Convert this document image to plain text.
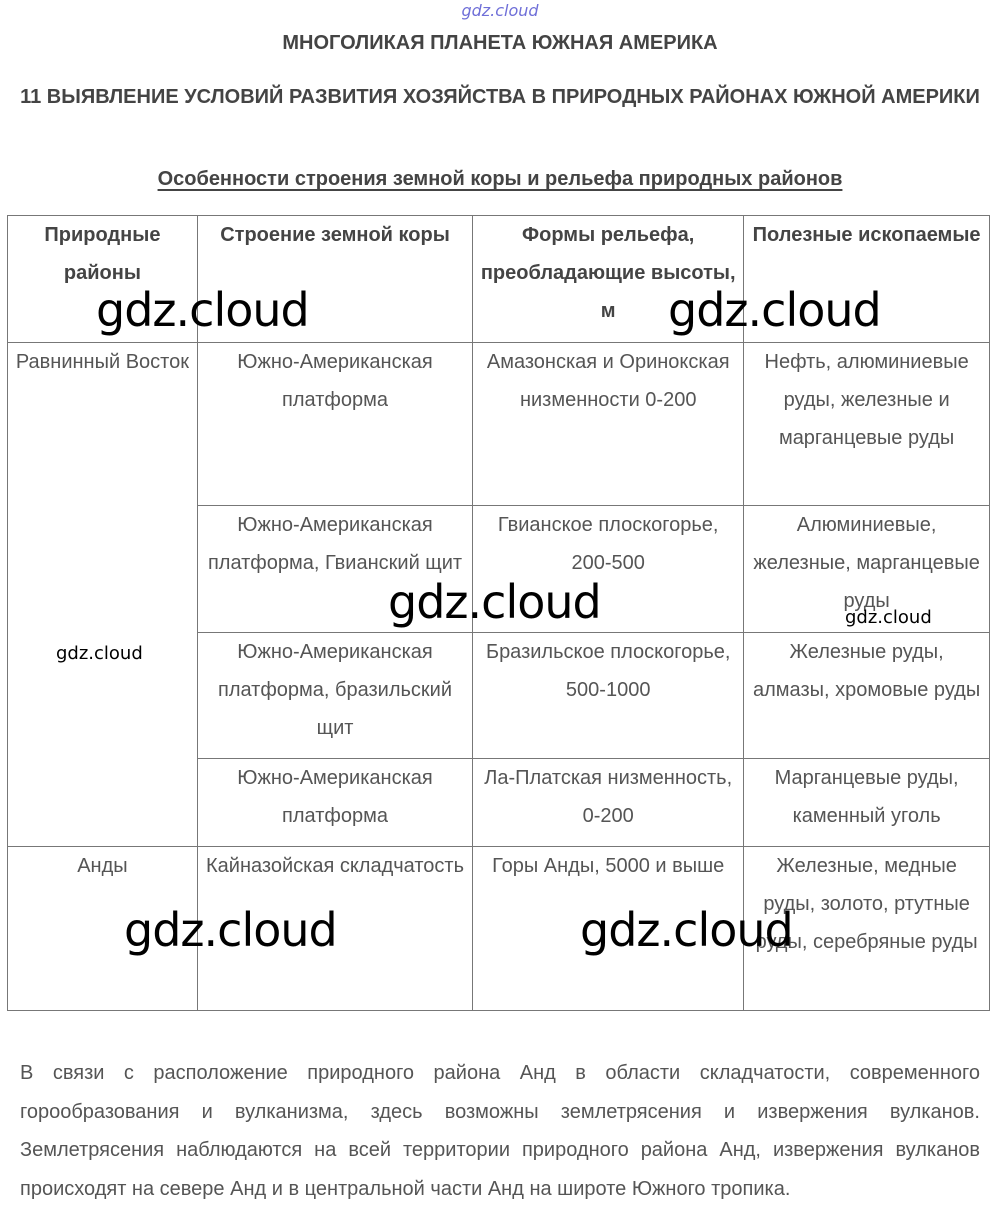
gdz.cloud
МНОГОЛИКАЯ ПЛАНЕТА ЮЖНАЯ АМЕРИКА
11 ВЫЯВЛЕНИЕ УСЛОВИЙ РАЗВИТИЯ ХОЗЯЙСТВА В ПРИРОДНЫХ РАЙОНАХ ЮЖНОЙ АМЕРИКИ
Особенности строения земной коры и рельефа природных районов
Природные районы	Строение земной коры	Формы рельефа, преобладающие высоты, м	Полезные ископаемые
Равнинный Восток	Южно-Американская платформа	Амазонская и Оринокская низменности 0-200	Нефть, алюминиевые руды, железные и марганцевые руды
	Южно-Американская платформа, Гвианский щит	Гвианское плоскогорье, 200-500	Алюминиевые, железные, марганцевые руды
	Южно-Американская платформа, бразильский щит	Бразильское плоскогорье, 500-1000	Железные руды, алмазы, хромовые руды
	Южно-Американская платформа	Ла-Платская низменность, 0-200	Марганцевые руды, каменный уголь
Анды	Кайназойская складчатость	Горы Анды, 5000 и выше	Железные, медные руды, золото, ртутные руды, серебряные руды
В связи с расположение природного района Анд в области складчатости, современного горообразования и вулканизма, здесь возможны землетрясения и извержения вулканов. Землетрясения наблюдаются на всей территории природного района Анд, извержения вулканов происходят на севере Анд и в центральной части Анд на широте Южного тропика.
gdz.cloud	gdz.cloud
gdz.cloud	gdz.cloud
gdz.cloud
gdz.cloud	gdz.cloud
